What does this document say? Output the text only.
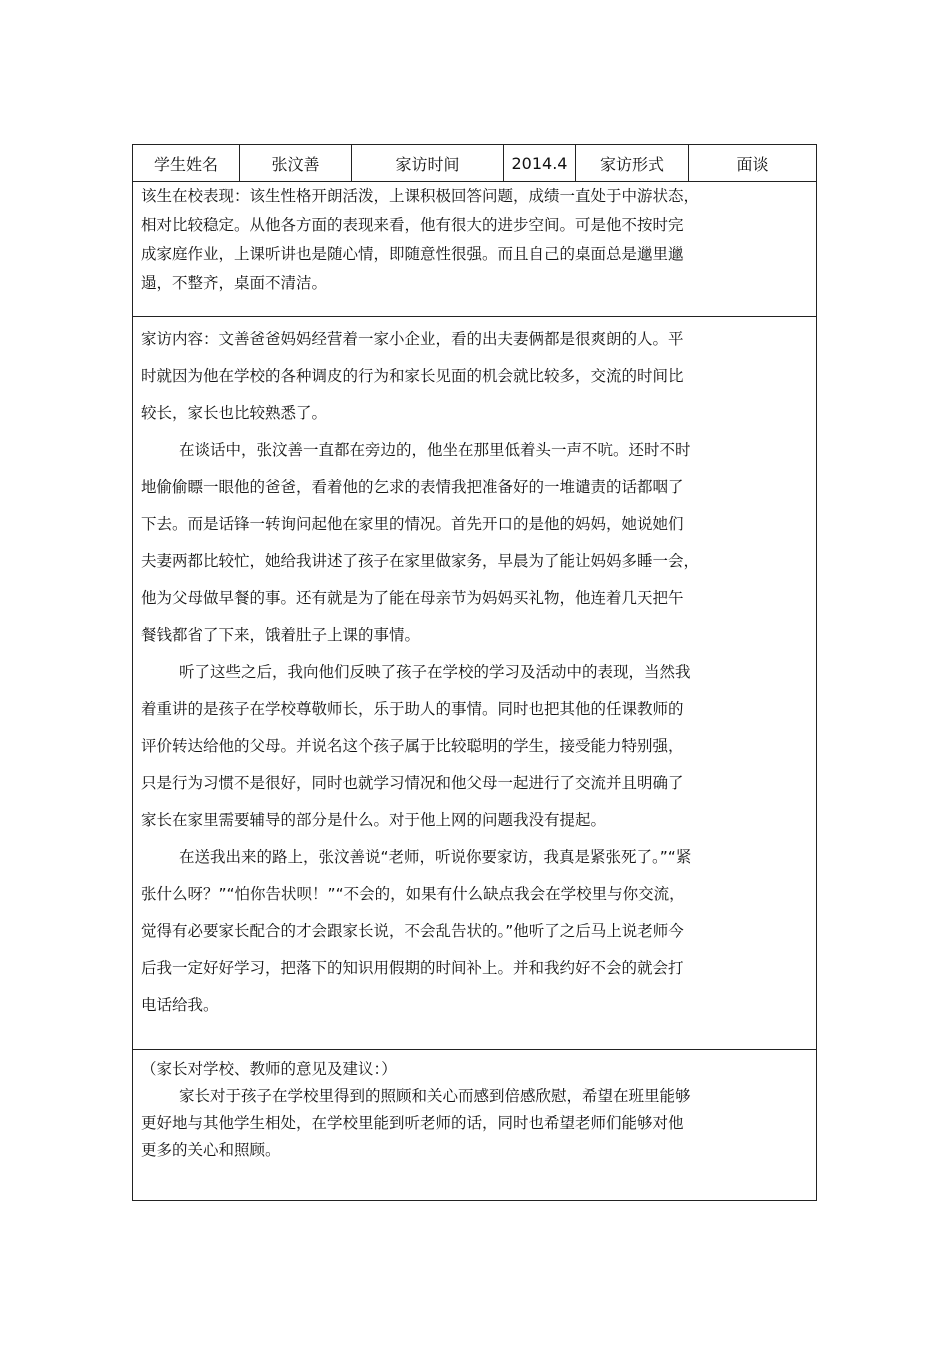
学生姓名	张汶善	家访时间	2014.4	家访形式	面谈

该生在校表现：该生性格开朗活泼，上课积极回答问题，成绩一直处于中游状态，

相对比较稳定。从他各方面的表现来看，他有很大的进步空间。可是他不按时完

成家庭作业，上课听讲也是随心情，即随意性很强。而且自己的桌面总是邋里邋

遢，不整齐，桌面不清洁。

家访内容：文善爸爸妈妈经营着一家小企业，看的出夫妻俩都是很爽朗的人。平

时就因为他在学校的各种调皮的行为和家长见面的机会就比较多，交流的时间比

较长，家长也比较熟悉了。

在谈话中，张汶善一直都在旁边的，他坐在那里低着头一声不吭。还时不时

地偷偷瞟一眼他的爸爸，看着他的乞求的表情我把准备好的一堆谴责的话都咽了

下去。而是话锋一转询问起他在家里的情况。首先开口的是他的妈妈，她说她们

夫妻两都比较忙，她给我讲述了孩子在家里做家务，早晨为了能让妈妈多睡一会，

他为父母做早餐的事。还有就是为了能在母亲节为妈妈买礼物，他连着几天把午

餐钱都省了下来，饿着肚子上课的事情。

听了这些之后，我向他们反映了孩子在学校的学习及活动中的表现，当然我

着重讲的是孩子在学校尊敬师长，乐于助人的事情。同时也把其他的任课教师的

评价转达给他的父母。并说名这个孩子属于比较聪明的学生，接受能力特别强，

只是行为习惯不是很好，同时也就学习情况和他父母一起进行了交流并且明确了

家长在家里需要辅导的部分是什么。对于他上网的问题我没有提起。

在送我出来的路上，张汶善说“老师，听说你要家访，我真是紧张死了。”“紧

张什么呀？”“怕你告状呗！”“不会的，如果有什么缺点我会在学校里与你交流，

觉得有必要家长配合的才会跟家长说，不会乱告状的。”他听了之后马上说老师今

后我一定好好学习，把落下的知识用假期的时间补上。并和我约好不会的就会打

电话给我。

（家长对学校、教师的意见及建议：）

家长对于孩子在学校里得到的照顾和关心而感到倍感欣慰，希望在班里能够

更好地与其他学生相处，在学校里能到听老师的话，同时也希望老师们能够对他

更多的关心和照顾。
